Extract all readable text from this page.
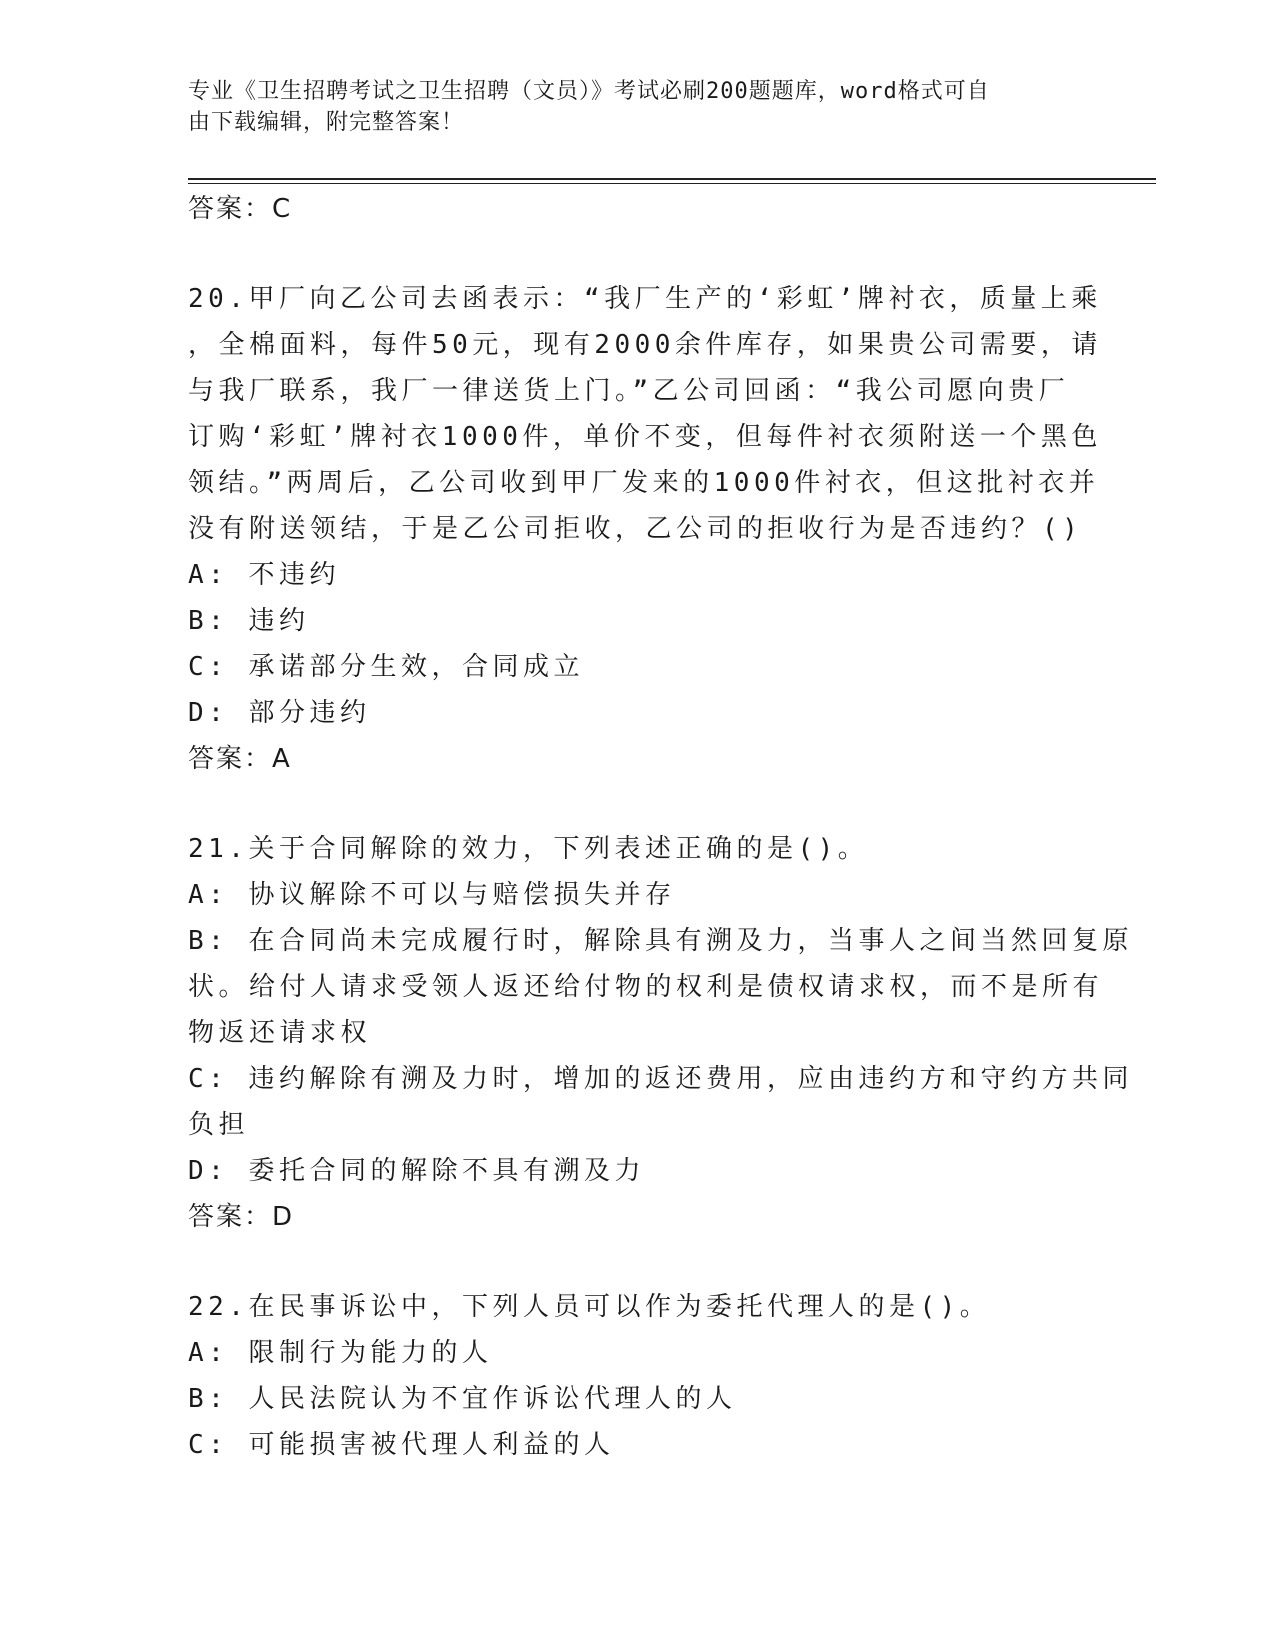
专业《卫生招聘考试之卫生招聘（文员）》考试必刷200题题库，word格式可自
由下载编辑，附完整答案！

答案：C

20.甲厂向乙公司去函表示：“我厂生产的‘彩虹’牌衬衣，质量上乘

，全棉面料，每件50元，现有2000余件库存，如果贵公司需要，请

与我厂联系，我厂一律送货上门。”乙公司回函：“我公司愿向贵厂

订购‘彩虹’牌衬衣1000件，单价不变，但每件衬衣须附送一个黑色

领结。”两周后，乙公司收到甲厂发来的1000件衬衣，但这批衬衣并

没有附送领结，于是乙公司拒收，乙公司的拒收行为是否违约？()

A: 不违约

B: 违约

C: 承诺部分生效，合同成立

D: 部分违约

答案：A

21.关于合同解除的效力，下列表述正确的是()。

A: 协议解除不可以与赔偿损失并存

B: 在合同尚未完成履行时，解除具有溯及力，当事人之间当然回复原

状。给付人请求受领人返还给付物的权利是债权请求权，而不是所有

物返还请求权

C: 违约解除有溯及力时，增加的返还费用，应由违约方和守约方共同

负担

D: 委托合同的解除不具有溯及力

答案：D

22.在民事诉讼中，下列人员可以作为委托代理人的是()。

A: 限制行为能力的人

B: 人民法院认为不宜作诉讼代理人的人

C: 可能损害被代理人利益的人
